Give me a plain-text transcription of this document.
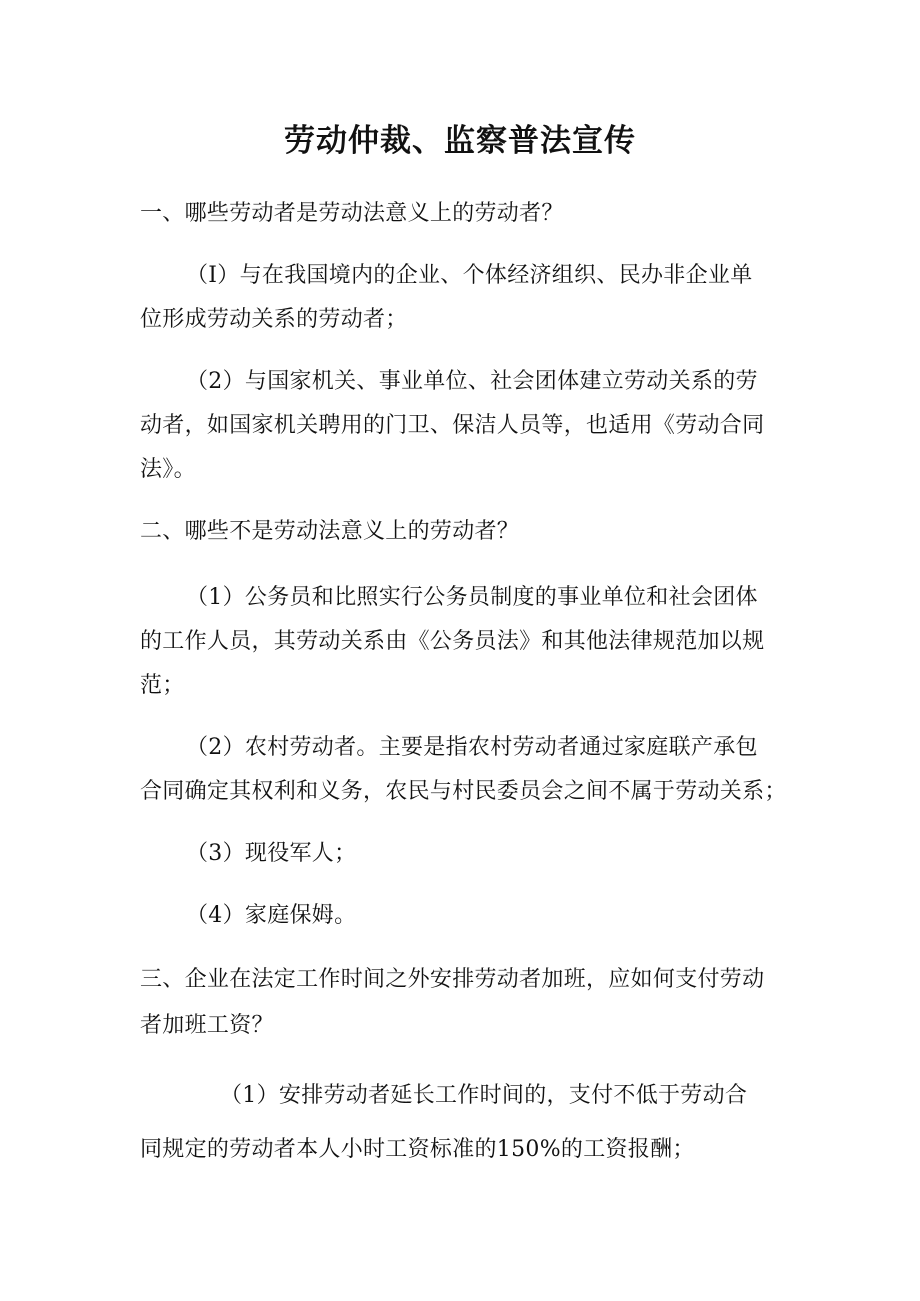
劳动仲裁、监察普法宣传

一、哪些劳动者是劳动法意义上的劳动者？

（I）与在我国境内的企业、个体经济组织、民办非企业单

位形成劳动关系的劳动者；

（2）与国家机关、事业单位、社会团体建立劳动关系的劳

动者，如国家机关聘用的门卫、保洁人员等，也适用《劳动合同

法》。

二、哪些不是劳动法意义上的劳动者？

（1）公务员和比照实行公务员制度的事业单位和社会团体

的工作人员，其劳动关系由《公务员法》和其他法律规范加以规

范；

（2）农村劳动者。主要是指农村劳动者通过家庭联产承包

合同确定其权利和义务，农民与村民委员会之间不属于劳动关系；

（3）现役军人；

（4）家庭保姆。

三、企业在法定工作时间之外安排劳动者加班，应如何支付劳动

者加班工资？

（1）安排劳动者延长工作时间的，支付不低于劳动合

同规定的劳动者本人小时工资标准的150%的工资报酬；
